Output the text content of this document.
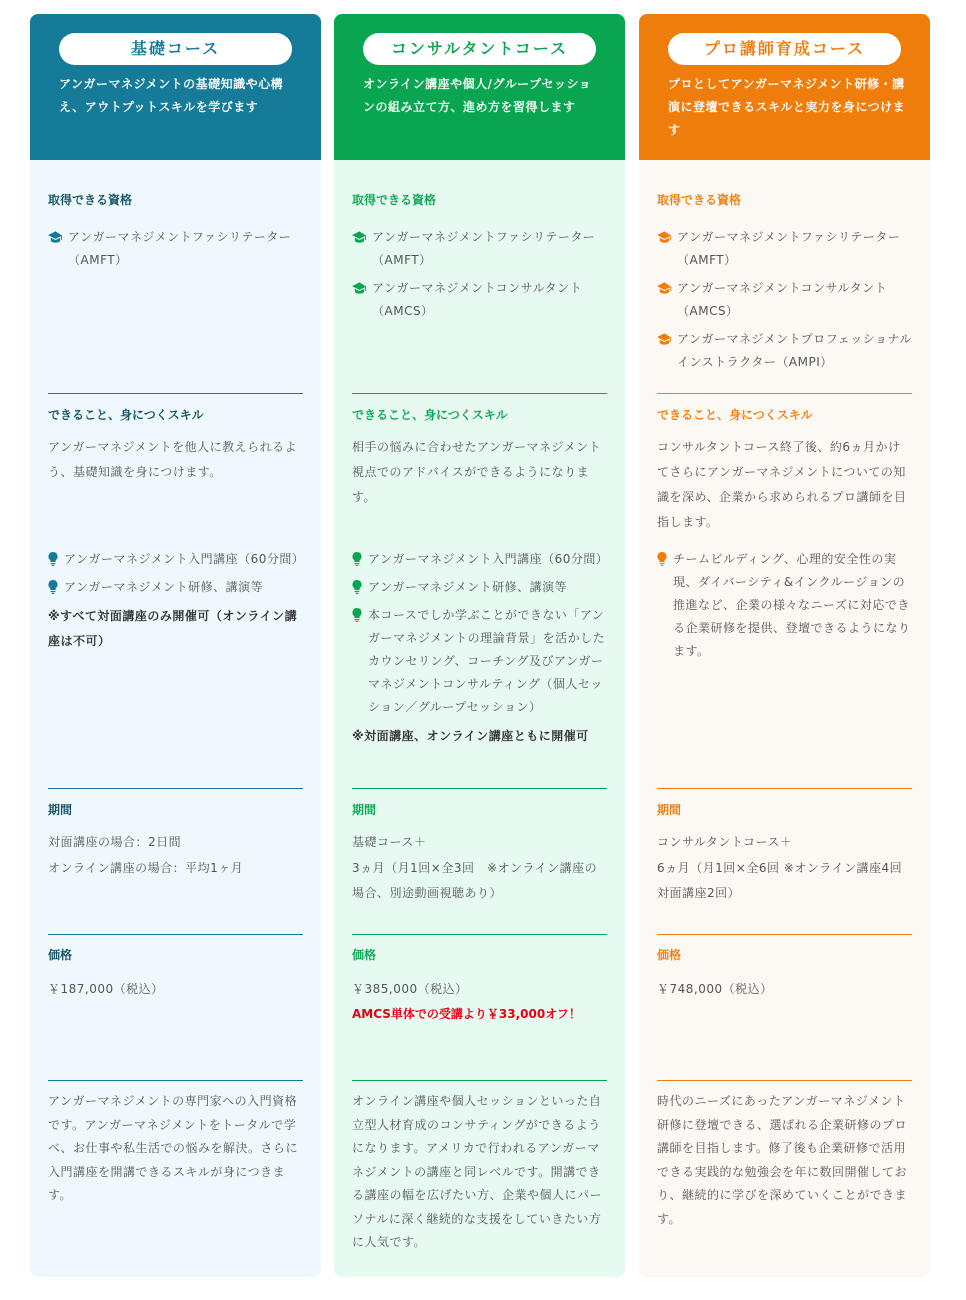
基礎コース
アンガーマネジメントの基礎知識や心構え、アウトプットスキルを学びます
取得できる資格
アンガーマネジメントファシリテーター（AMFT）
できること、身につくスキル
アンガーマネジメントを他人に教えられるよう、基礎知識を身につけます。
アンガーマネジメント入門講座（60分間）
アンガーマネジメント研修、講演等
※すべて対面講座のみ開催可（オンライン講座は不可）
期間
対面講座の場合：2日間
オンライン講座の場合：平均1ヶ月
価格
￥187,000（税込）
アンガーマネジメントの専門家への入門資格です。アンガーマネジメントをトータルで学べ、お仕事や私生活での悩みを解決。さらに入門講座を開講できるスキルが身につきます。
コンサルタントコース
オンライン講座や個人/グループセッションの組み立て方、進め方を習得します
取得できる資格
アンガーマネジメントファシリテーター（AMFT）
アンガーマネジメントコンサルタント（AMCS）
できること、身につくスキル
相手の悩みに合わせたアンガーマネジメント視点でのアドバイスができるようになります。
アンガーマネジメント入門講座（60分間）
アンガーマネジメント研修、講演等
本コースでしか学ぶことができない「アンガーマネジメントの理論背景」を活かしたカウンセリング、コーチング及びアンガーマネジメントコンサルティング（個人セッション／グループセッション）
※対面講座、オンライン講座ともに開催可
期間
基礎コース＋
3ヵ月（月1回×全3回　※オンライン講座の場合、別途動画視聴あり）
価格
￥385,000（税込）
AMCS単体での受講より￥33,000オフ！
オンライン講座や個人セッションといった自立型人材育成のコンサティングができるようになります。アメリカで行われるアンガーマネジメントの講座と同レベルです。開講できる講座の幅を広げたい方、企業や個人にパーソナルに深く継続的な支援をしていきたい方に人気です。
プロ講師育成コース
プロとしてアンガーマネジメント研修・講演に登壇できるスキルと実力を身につけます
取得できる資格
アンガーマネジメントファシリテーター（AMFT）
アンガーマネジメントコンサルタント（AMCS）
アンガーマネジメントプロフェッショナルインストラクター（AMPI）
できること、身につくスキル
コンサルタントコース終了後、約6ヵ月かけてさらにアンガーマネジメントについての知識を深め、企業から求められるプロ講師を目指します。
チームビルディング、心理的安全性の実現、ダイバーシティ&インクルージョンの推進など、企業の様々なニーズに対応できる企業研修を提供、登壇できるようになります。
期間
コンサルタントコース＋
6ヵ月（月1回×全6回 ※オンライン講座4回 対面講座2回）
価格
￥748,000（税込）
時代のニーズにあったアンガーマネジメント研修に登壇できる、選ばれる企業研修のプロ講師を目指します。修了後も企業研修で活用できる実践的な勉強会を年に数回開催しており、継続的に学びを深めていくことができます。
